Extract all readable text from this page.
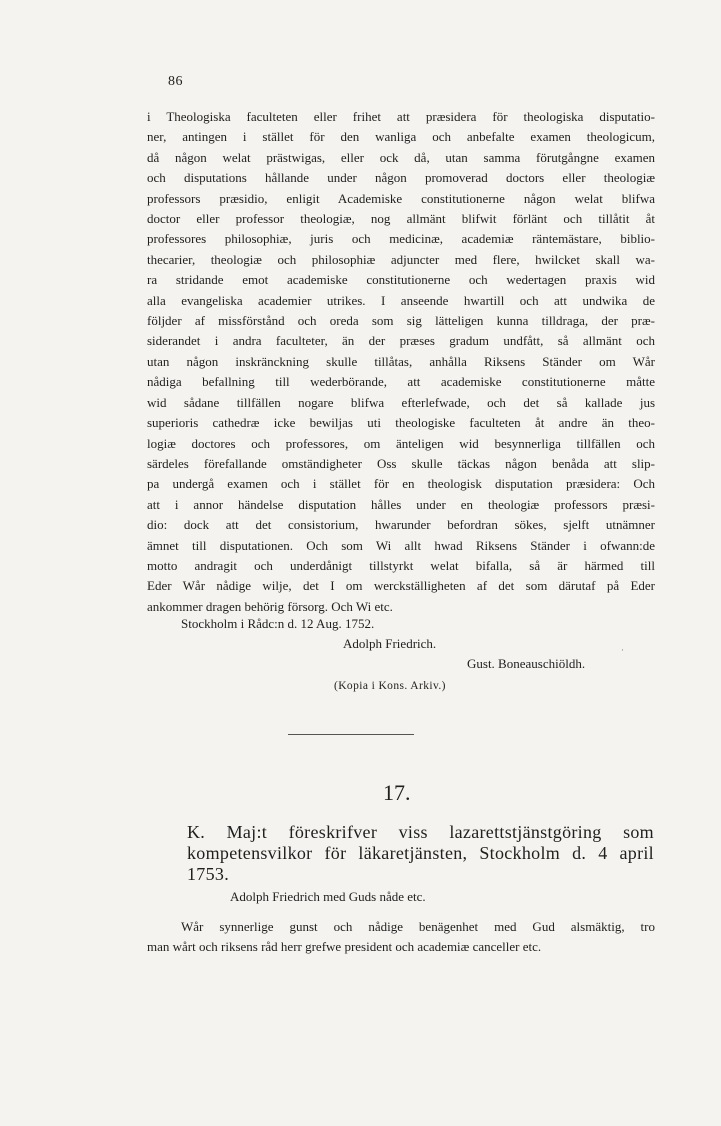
86
i Theologiska faculteten eller frihet att præsidera för theologiska disputatio-
ner, antingen i stället för den wanliga och anbefalte examen theologicum,
då någon welat prästwigas, eller ock då, utan samma förutgångne examen
och disputations hållande under någon promoverad doctors eller theologiæ
professors præsidio, enligit Academiske constitutionerne någon welat blifwa
doctor eller professor theologiæ, nog allmänt blifwit förlänt och tillåtit åt
professores philosophiæ, juris och medicinæ, academiæ räntemästare, biblio-
thecarier, theologiæ och philosophiæ adjuncter med flere, hwilcket skall wa-
ra stridande emot academiske constitutionerne och wedertagen praxis wid
alla evangeliska academier utrikes. I anseende hwartill och att undwika de
följder af missförstånd och oreda som sig lätteligen kunna tilldraga, der præ-
siderandet i andra faculteter, än der præses gradum undfått, så allmänt och
utan någon inskränckning skulle tillåtas, anhålla Riksens Ständer om Wår
nådiga befallning till wederbörande, att academiske constitutionerne måtte
wid sådane tillfällen nogare blifwa efterlefwade, och det så kallade jus
superioris cathedræ icke bewiljas uti theologiske faculteten åt andre än theo-
logiæ doctores och professores, om änteligen wid besynnerliga tillfällen och
särdeles förefallande omständigheter Oss skulle täckas någon benåda att slip-
pa undergå examen och i stället för en theologisk disputation præsidera: Och
att i annor händelse disputation hålles under en theologiæ professors præsi-
dio: dock att det consistorium, hwarunder befordran sökes, sjelft utnämner
ämnet till disputationen. Och som Wi allt hwad Riksens Ständer i ofwann:de
motto andragit och underdånigt tillstyrkt welat bifalla, så är härmed till
Eder Wår nådige wilje, det I om werckställigheten af det som därutaf på Eder
ankommer dragen behörig försorg. Och Wi etc.
Stockholm i Rådc:n d. 12 Aug. 1752.
Adolph Friedrich.
Gust. Boneauschiöldh.
·
(Kopia i Kons. Arkiv.)
17.
K. Maj:t föreskrifver viss lazarettstjänstgöring som
kompetensvilkor för läkaretjänsten, Stockholm d. 4 april
1753.
Adolph Friedrich med Guds nåde etc.
Wår synnerlige gunst och nådige benägenhet med Gud alsmäktig, tro
man wårt och riksens råd herr grefwe president och academiæ canceller etc.
